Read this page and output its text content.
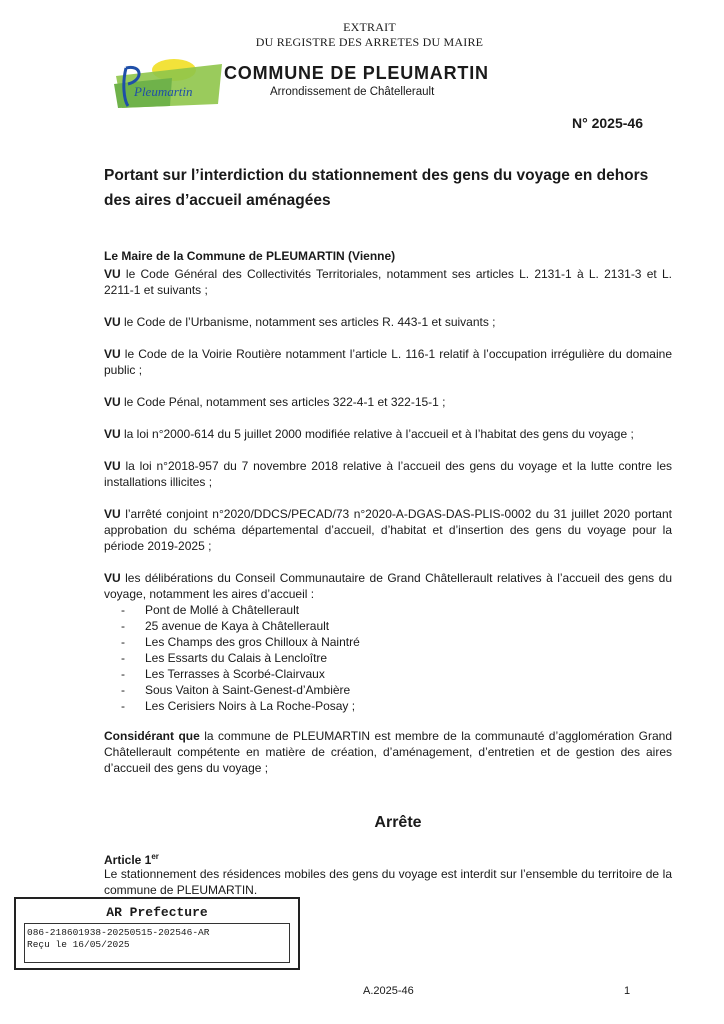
EXTRAIT
DU REGISTRE DES ARRETES DU MAIRE
Pleumartin
COMMUNE DE PLEUMARTIN
Arrondissement de Châtellerault
N° 2025-46
Portant sur l’interdiction du stationnement des gens du voyage en dehors
des aires d’accueil aménagées
Le Maire de la Commune de PLEUMARTIN (Vienne)
VU le Code Général des Collectivités Territoriales, notamment ses articles L. 2131-1 à L. 2131-3 et L. 2211-1 et suivants ;
VU le Code de l’Urbanisme, notamment ses articles R. 443-1 et suivants ;
VU le Code de la Voirie Routière notamment l’article L. 116-1 relatif à l’occupation irrégulière du domaine public ;
VU le Code Pénal, notamment ses articles 322-4-1 et 322-15-1 ;
VU la loi n°2000-614 du 5 juillet 2000 modifiée relative à l’accueil et à l’habitat des gens du voyage ;
VU la loi n°2018-957 du 7 novembre 2018 relative à l’accueil des gens du voyage et la lutte contre les installations illicites ;
VU l’arrêté conjoint n°2020/DDCS/PECAD/73 n°2020-A-DGAS-DAS-PLIS-0002 du 31 juillet 2020 portant approbation du schéma départemental d’accueil, d’habitat et d’insertion des gens du voyage pour la période 2019-2025 ;
VU les délibérations du Conseil Communautaire de Grand Châtellerault relatives à l’accueil des gens du voyage, notamment les aires d’accueil :
- Pont de Mollé à Châtellerault
- 25 avenue de Kaya à Châtellerault
- Les Champs des gros Chilloux à Naintré
- Les Essarts du Calais à Lencloître
- Les Terrasses à Scorbé-Clairvaux
- Sous Vaiton à Saint-Genest-d’Ambière
- Les Cerisiers Noirs à La Roche-Posay ;
Considérant que la commune de PLEUMARTIN est membre de la communauté d’agglomération Grand Châtellerault compétente en matière de création, d’aménagement, d’entretien et de gestion des aires d’accueil des gens du voyage ;
Arrête
Article 1er
Le stationnement des résidences mobiles des gens du voyage est interdit sur l’ensemble du territoire de la commune de PLEUMARTIN.
AR Prefecture
086-218601938-20250515-202546-AR
Reçu le 16/05/2025
A.2025-46	1
